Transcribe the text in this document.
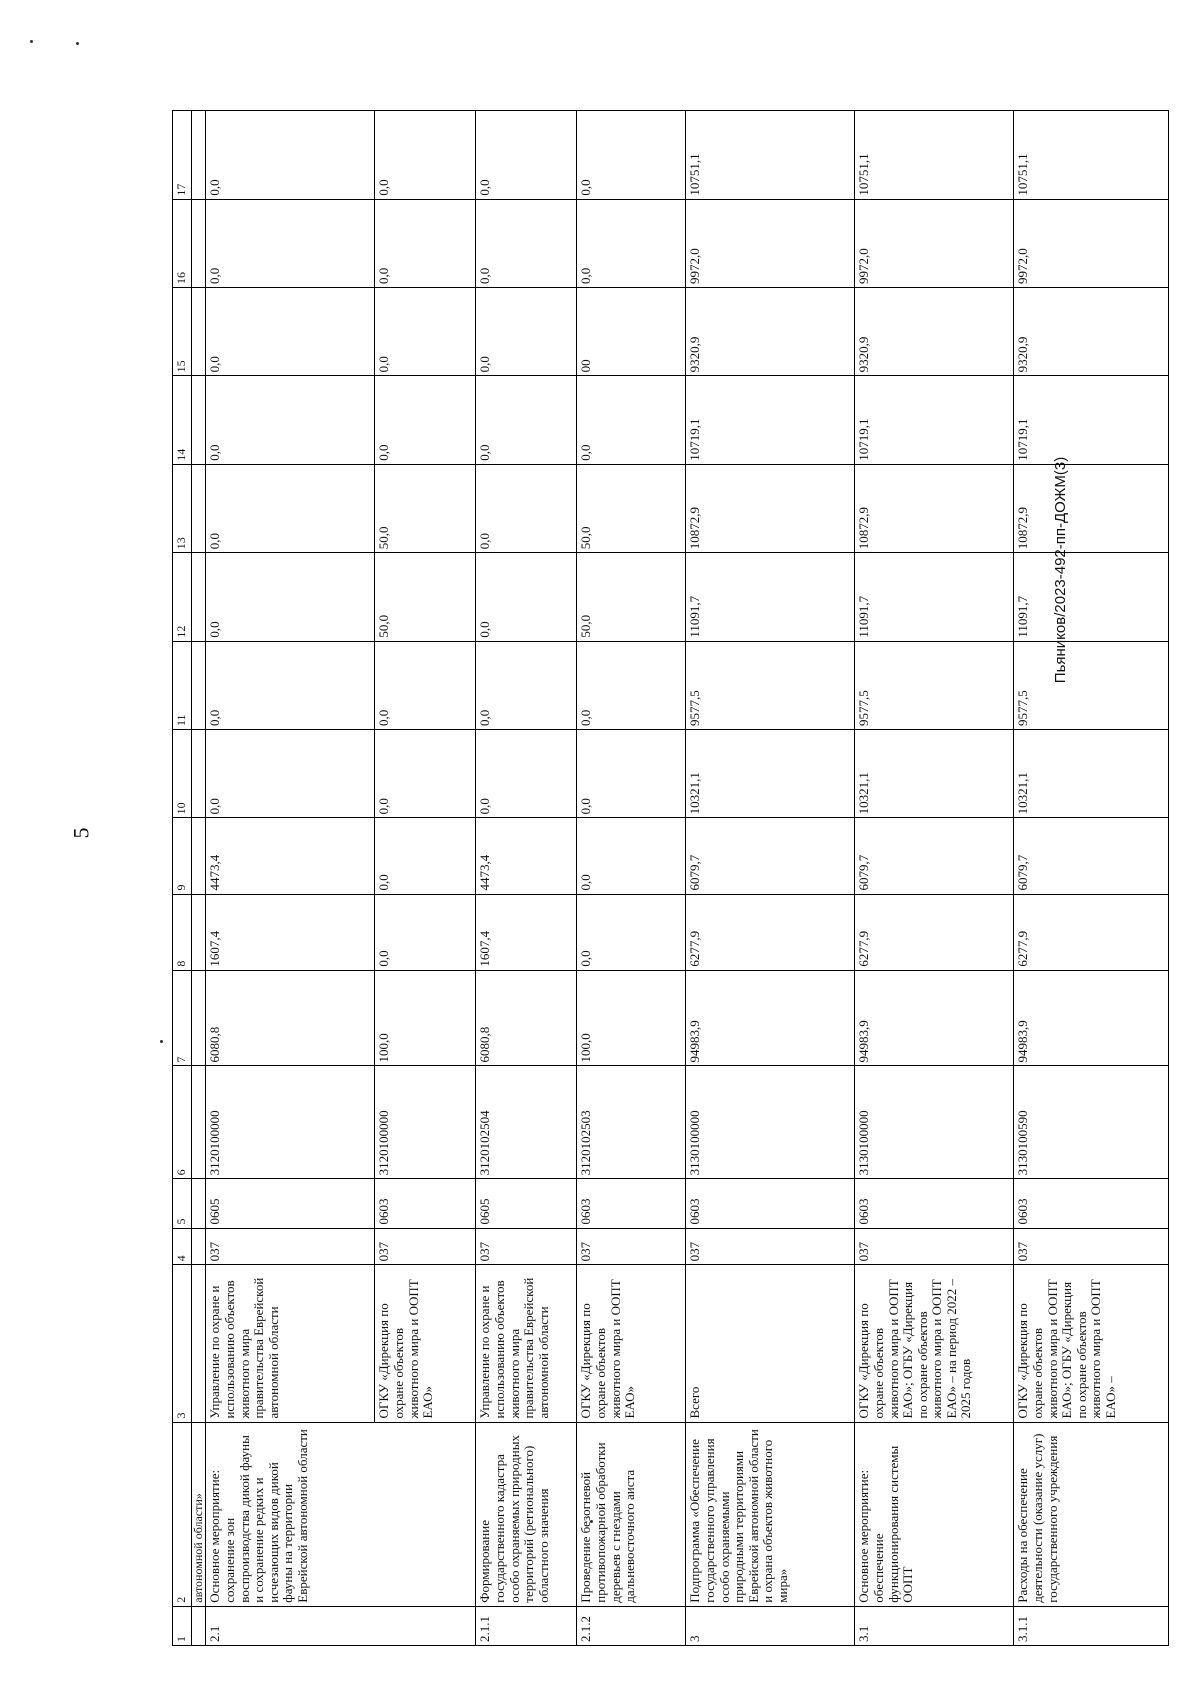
5
Пьяников/2023-492-пп-ДОЖМ(3)
1	2	3	4	5	6	7	8	9	10	11	12	13	14	15	16	17
	автономной области»															
2.1	Основное мероприятие: сохранение зон воспроизводства дикой фауны и сохранение редких и исчезающих видов дикой фауны на территории Еврейской автономной области	Управление по охране и использованию объектов животного мира правительства Еврейской автономной области	037	0605	3120100000	6080,8	1607,4	4473,4	0,0	0,0	0,0	0,0	0,0	0,0	0,0	0,0
		ОГКУ «Дирекция по охране объектов животного мира и ООПТ ЕАО»	037	0603	3120100000	100,0	0,0	0,0	0,0	0,0	50,0	50,0	0,0	0,0	0,0	0,0
2.1.1	Формирование государственного кадастра особо охраняемых природных территорий (регионального) областного значения	Управление по охране и использованию объектов животного мира правительства Еврейской автономной области	037	0605	3120102504	6080,8	1607,4	4473,4	0,0	0,0	0,0	0,0	0,0	0,0	0,0	0,0
2.1.2	Проведение безогневой противопожарной обработки деревьев с гнездами дальневосточного аиста	ОГКУ «Дирекция по охране объектов животного мира и ООПТ ЕАО»	037	0603	3120102503	100,0	0,0	0,0	0,0	0,0	50,0	50,0	0,0	00	0,0	0,0
3	Подпрограмма «Обеспечение государственного управления особо охраняемыми природными территориями Еврейской автономной области и охрана объектов животного мира»	Всего	037	0603	3130100000	94983,9	6277,9	6079,7	10321,1	9577,5	11091,7	10872,9	10719,1	9320,9	9972,0	10751,1
3.1	Основное мероприятие: обеспечение функционирования системы ООПТ	ОГКУ «Дирекция по охране объектов животного мира и ООПТ ЕАО»; ОГБУ «Дирекция по охране объектов животного мира и ООПТ ЕАО» – на период 2022 – 2025 годов	037	0603	3130100000	94983,9	6277,9	6079,7	10321,1	9577,5	11091,7	10872,9	10719,1	9320,9	9972,0	10751,1
3.1.1	Расходы на обеспечение деятельности (оказание услуг) государственного учреждения	ОГКУ «Дирекция по охране объектов животного мира и ООПТ ЕАО»; ОГБУ «Дирекция по охране объектов животного мира и ООПТ ЕАО» –	037	0603	3130100590	94983,9	6277,9	6079,7	10321,1	9577,5	11091,7	10872,9	10719,1	9320,9	9972,0	10751,1
